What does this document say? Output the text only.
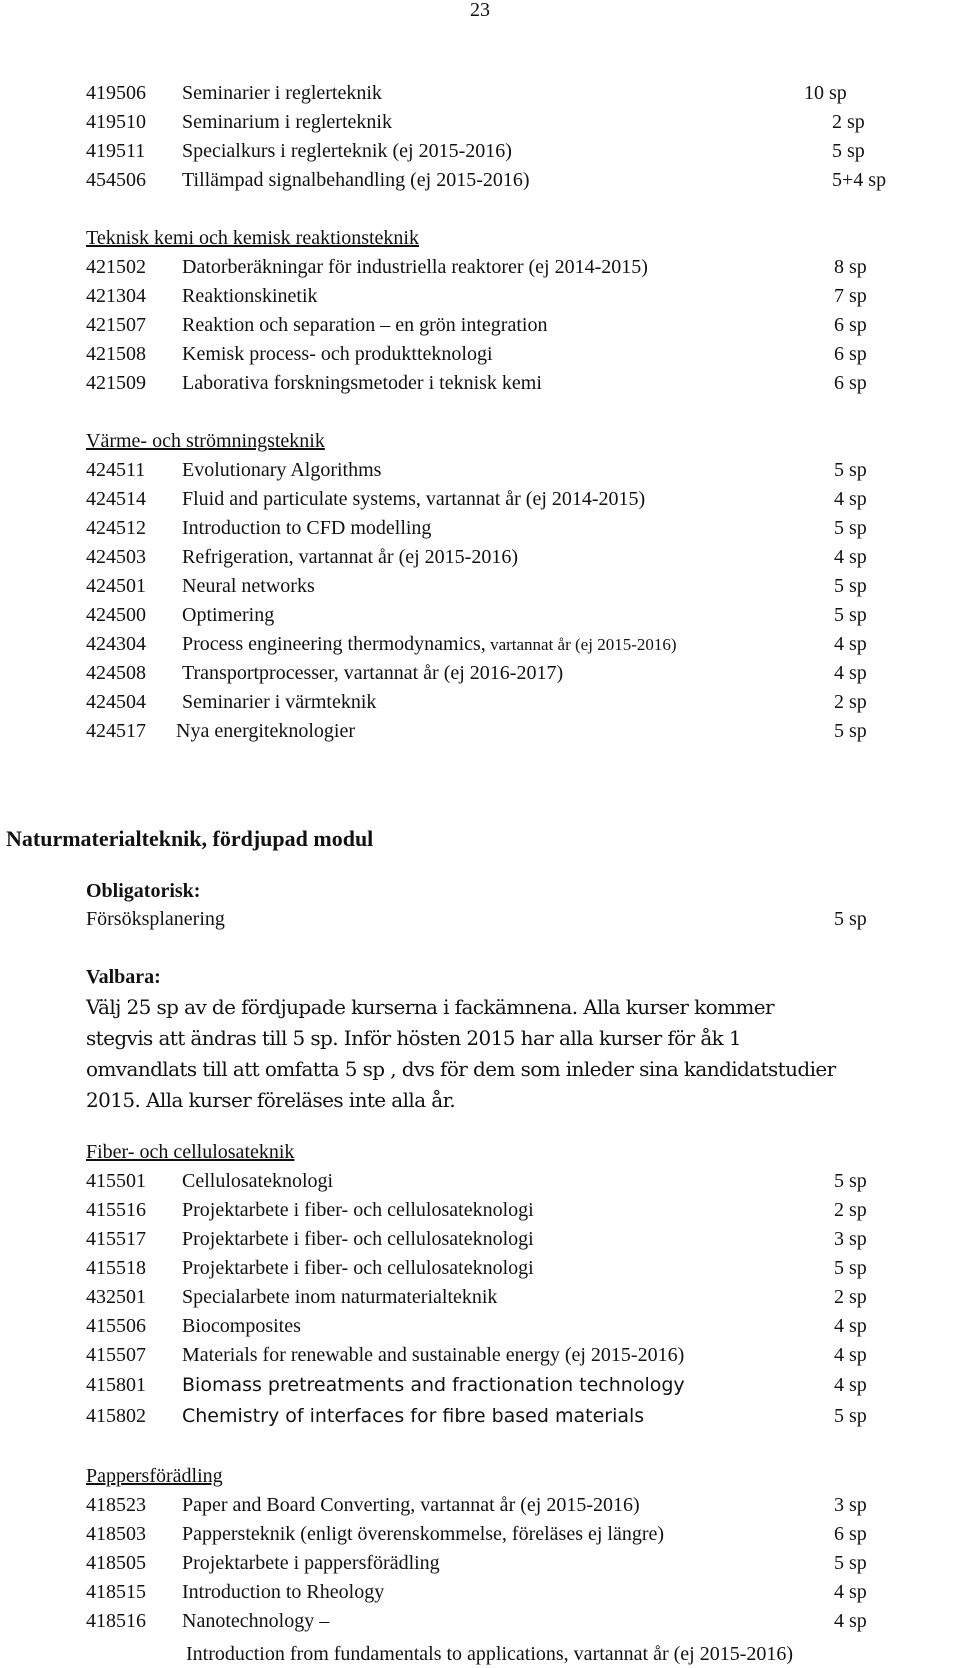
23
419506 Seminarier i reglerteknik	10 sp
419510 Seminarium i reglerteknik	2 sp
419511 Specialkurs i reglerteknik (ej 2015-2016)	5 sp
454506 Tillämpad signalbehandling (ej 2015-2016)	5+4 sp
Teknisk kemi och kemisk reaktionsteknik
421502 Datorberäkningar för industriella reaktorer (ej 2014-2015)	8 sp
421304 Reaktionskinetik	7 sp
421507 Reaktion och separation – en grön integration	6 sp
421508 Kemisk process- och produktteknologi	6 sp
421509 Laborativa forskningsmetoder i teknisk kemi	6 sp
Värme- och strömningsteknik
424511 Evolutionary Algorithms	5 sp
424514 Fluid and particulate systems, vartannat år (ej 2014-2015)	4 sp
424512 Introduction to CFD modelling	5 sp
424503 Refrigeration, vartannat år (ej 2015-2016)	4 sp
424501 Neural networks	5 sp
424500 Optimering	5 sp
424304 Process engineering thermodynamics, vartannat år (ej 2015-2016)	4 sp
424508 Transportprocesser, vartannat år (ej 2016-2017)	4 sp
424504 Seminarier i värmteknik	2 sp
424517 Nya energiteknologier	5 sp
Naturmaterialteknik, fördjupad modul
Obligatorisk:
Försöksplanering	5 sp
Valbara:
Välj 25 sp av de fördjupade kurserna i fackämnena. Alla kurser kommer stegvis att ändras till 5 sp. Inför hösten 2015 har alla kurser för åk 1 omvandlats till att omfatta 5 sp , dvs för dem som inleder sina kandidatstudier 2015. Alla kurser föreläses inte alla år.
Fiber- och cellulosateknik
415501 Cellulosateknologi	5 sp
415516 Projektarbete i fiber- och cellulosateknologi	2 sp
415517 Projektarbete i fiber- och cellulosateknologi	3 sp
415518 Projektarbete i fiber- och cellulosateknologi	5 sp
432501 Specialarbete inom naturmaterialteknik	2 sp
415506 Biocomposites	4 sp
415507 Materials for renewable and sustainable energy (ej 2015-2016)	4 sp
415801 Biomass pretreatments and fractionation technology	4 sp
415802 Chemistry of interfaces for fibre based materials	5 sp
Pappersförädling
418523 Paper and Board Converting, vartannat år (ej 2015-2016)	3 sp
418503 Pappersteknik (enligt överenskommelse, föreläses ej längre)	6 sp
418505 Projektarbete i pappersförädling	5 sp
418515 Introduction to Rheology	4 sp
418516 Nanotechnology –	4 sp
Introduction from fundamentals to applications, vartannat år (ej 2015-2016)
